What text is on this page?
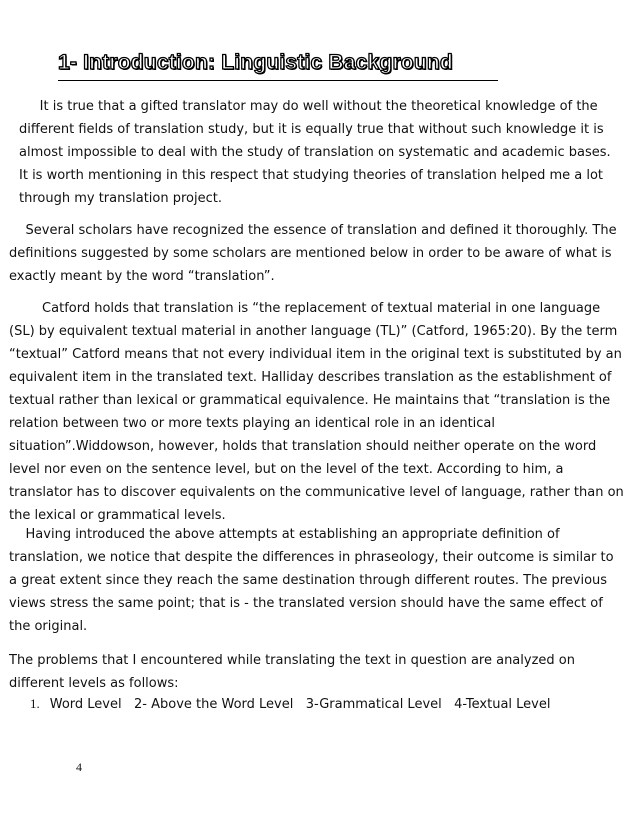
1- Introduction: Linguistic Background

It is true that a gifted translator may do well without the theoretical knowledge of the
different fields of translation study, but it is equally true that without such knowledge it is
almost impossible to deal with the study of translation on systematic and academic bases.
It is worth mentioning in this respect that studying theories of translation helped me a lot
through my translation project.

Several scholars have recognized the essence of translation and defined it thoroughly. The
definitions suggested by some scholars are mentioned below in order to be aware of what is
exactly meant by the word “translation”.

Catford holds that translation is “the replacement of textual material in one language
(SL) by equivalent textual material in another language (TL)” (Catford, 1965:20). By the term
“textual” Catford means that not every individual item in the original text is substituted by an
equivalent item in the translated text. Halliday describes translation as the establishment of
textual rather than lexical or grammatical equivalence. He maintains that “translation is the
relation between two or more texts playing an identical role in an identical
situation”.Widdowson, however, holds that translation should neither operate on the word
level nor even on the sentence level, but on the level of the text. According to him, a
translator has to discover equivalents on the communicative level of language, rather than on
the lexical or grammatical levels.

Having introduced the above attempts at establishing an appropriate definition of
translation, we notice that despite the differences in phraseology, their outcome is similar to
a great extent since they reach the same destination through different routes. The previous
views stress the same point; that is - the translated version should have the same effect of
the original.

The problems that I encountered while translating the text in question are analyzed on
different levels as follows:

1. Word Level   2- Above the Word Level   3-Grammatical Level   4-Textual Level
4
